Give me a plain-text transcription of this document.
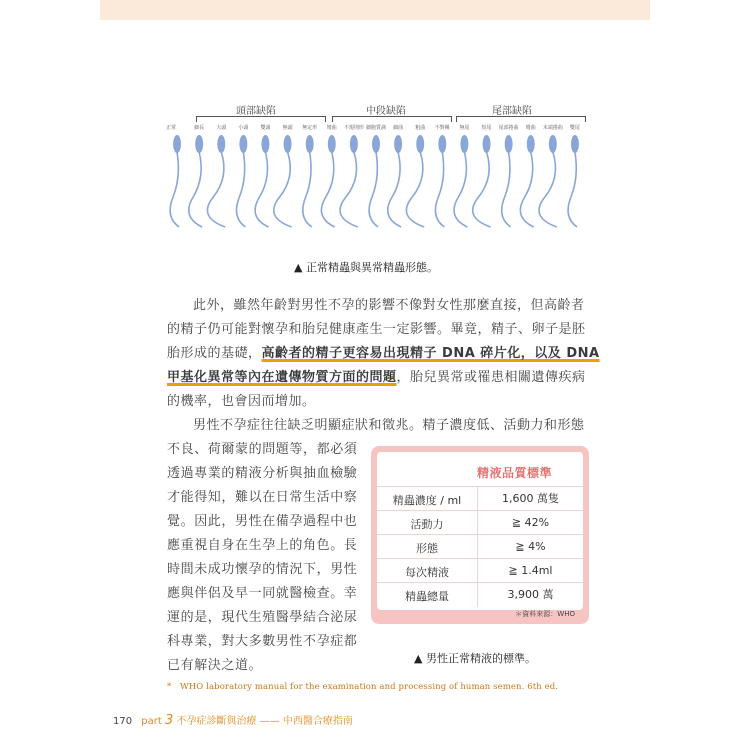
頭部缺陷	中段缺陷	尾部缺陷
正常	細長	大頭	小頭	雙頭	無頭	無定形	彎曲	不規則形 細胞質滴	細曲	粗曲	不對稱	無尾	短尾	尾部捲曲	彎曲	末端捲曲	雙尾
▲ 正常精蟲與異常精蟲形態。
此外，雖然年齡對男性不孕的影響不像對女性那麼直接，但高齡者
的精子仍可能對懷孕和胎兒健康產生一定影響。畢竟，精子、卵子是胚
胎形成的基礎，高齡者的精子更容易出現精子 DNA 碎片化，以及 DNA
甲基化異常等內在遺傳物質方面的問題，胎兒異常或罹患相關遺傳疾病
的機率，也會因而增加。
男性不孕症往往缺乏明顯症狀和徵兆。精子濃度低、活動力和形態
不良、荷爾蒙的問題等，都必須
透過專業的精液分析與抽血檢驗
才能得知，難以在日常生活中察
覺。因此，男性在備孕過程中也
應重視自身在生孕上的角色。長
時間未成功懷孕的情況下，男性
應與伴侶及早一同就醫檢查。幸
運的是，現代生殖醫學結合泌尿
科專業，對大多數男性不孕症都
已有解決之道。
精液品質標準
精蟲濃度 / ml	1,600 萬隻
活動力	≧ 42%
形態	≧ 4%
每次精液	≧ 1.4ml
精蟲總量	3,900 萬
＊資料來源：WHO
▲ 男性正常精液的標準。
*　WHO laboratory manual for the examination and processing of human semen. 6th ed.
170 part 3 不孕症診斷與治療 —— 中西醫合療指南
